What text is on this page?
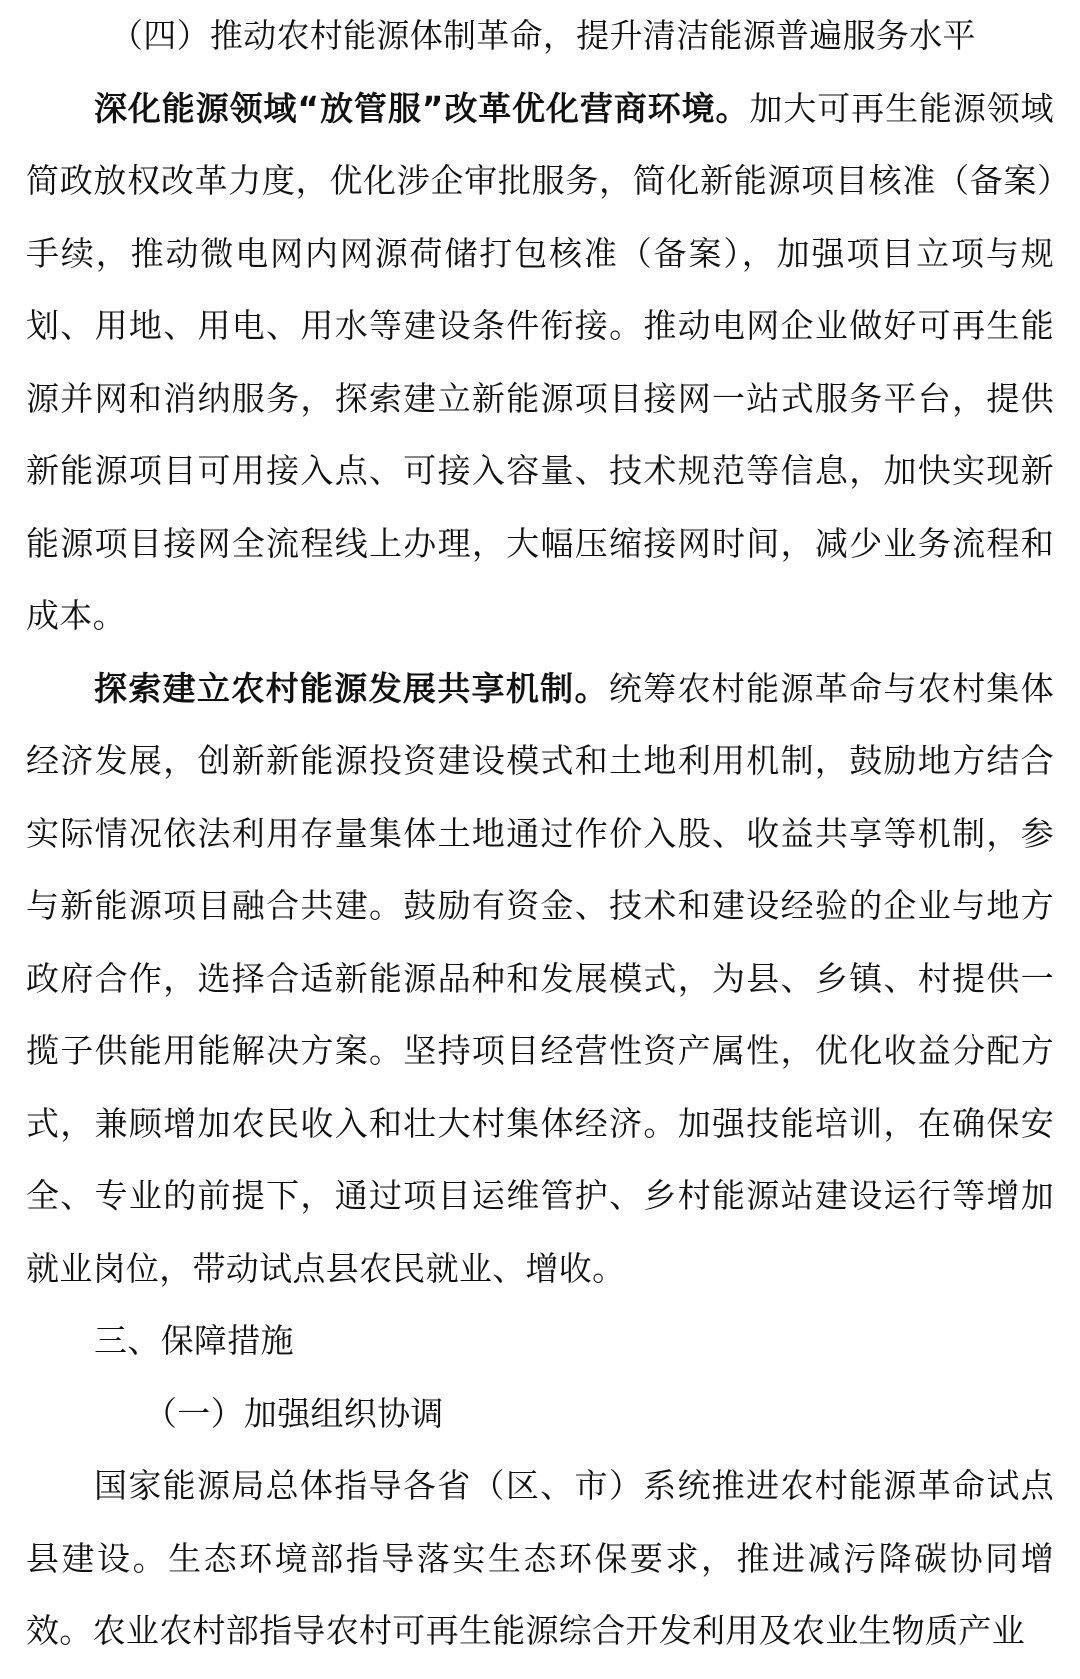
（四）推动农村能源体制革命，提升清洁能源普遍服务水平

深化能源领域“放管服”改革优化营商环境。加大可再生能源领域简政放权改革力度，优化涉企审批服务，简化新能源项目核准（备案）手续，推动微电网内网源荷储打包核准（备案），加强项目立项与规划、用地、用电、用水等建设条件衔接。推动电网企业做好可再生能源并网和消纳服务，探索建立新能源项目接网一站式服务平台，提供新能源项目可用接入点、可接入容量、技术规范等信息，加快实现新能源项目接网全流程线上办理，大幅压缩接网时间，减少业务流程和成本。

探索建立农村能源发展共享机制。统筹农村能源革命与农村集体经济发展，创新新能源投资建设模式和土地利用机制，鼓励地方结合实际情况依法利用存量集体土地通过作价入股、收益共享等机制，参与新能源项目融合共建。鼓励有资金、技术和建设经验的企业与地方政府合作，选择合适新能源品种和发展模式，为县、乡镇、村提供一揽子供能用能解决方案。坚持项目经营性资产属性，优化收益分配方式，兼顾增加农民收入和壮大村集体经济。加强技能培训，在确保安全、专业的前提下，通过项目运维管护、乡村能源站建设运行等增加就业岗位，带动试点县农民就业、增收。

三、保障措施
（一）加强组织协调

国家能源局总体指导各省（区、市）系统推进农村能源革命试点县建设。生态环境部指导落实生态环保要求，推进减污降碳协同增效。农业农村部指导农村可再生能源综合开发利用及农业生物质产业
